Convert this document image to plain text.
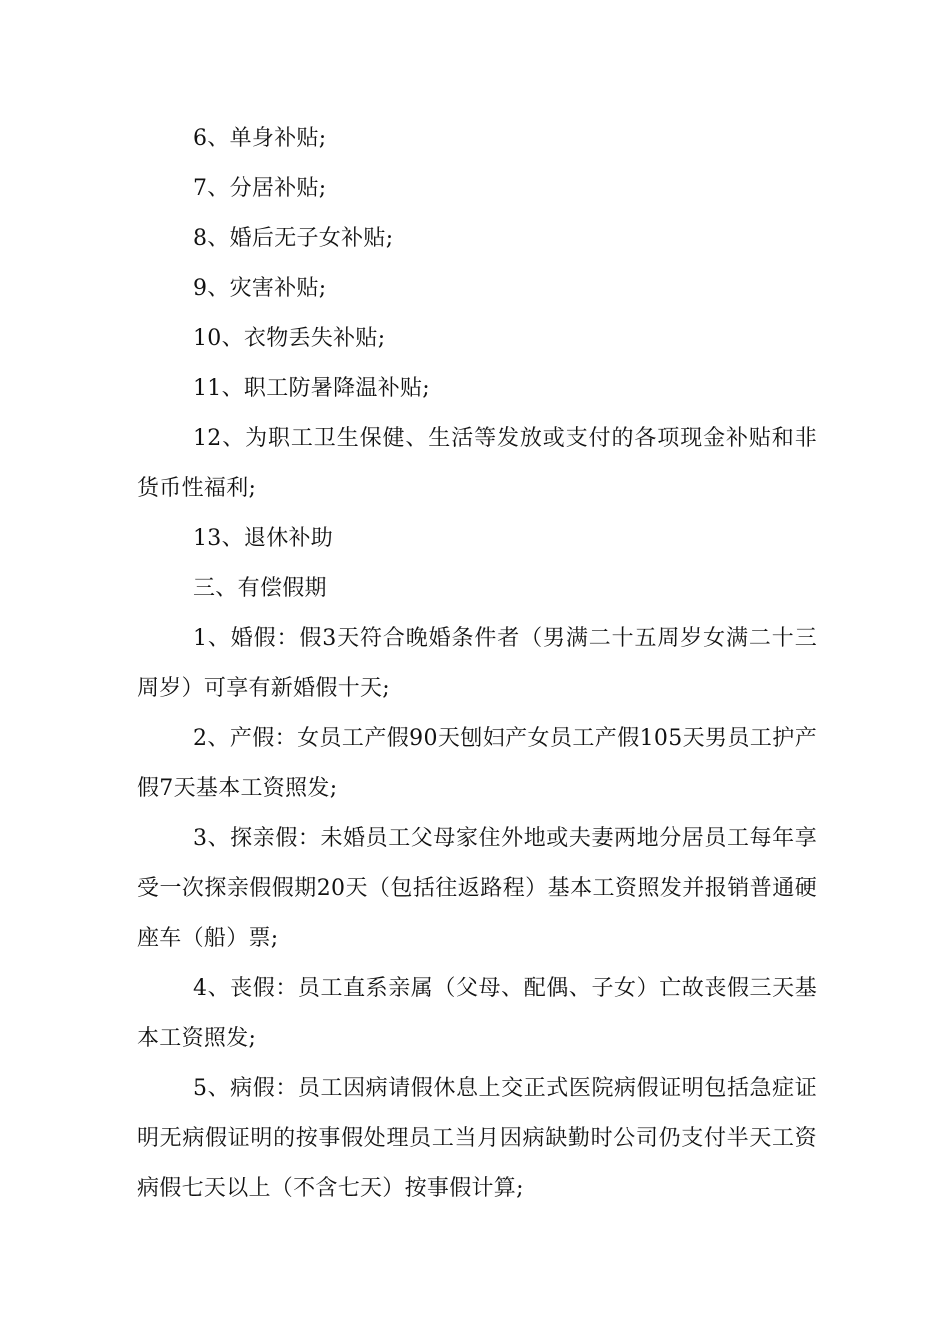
6、单身补贴;

7、分居补贴;

8、婚后无子女补贴;

9、灾害补贴;

10、衣物丢失补贴;

11、职工防暑降温补贴;

12、为职工卫生保健、生活等发放或支付的各项现金补贴和非货币性福利;

13、退休补助

三、有偿假期

1、婚假：假3天符合晚婚条件者（男满二十五周岁女满二十三周岁）可享有新婚假十天;

2、产假：女员工产假90天刨妇产女员工产假105天男员工护产假7天基本工资照发;

3、探亲假：未婚员工父母家住外地或夫妻两地分居员工每年享受一次探亲假假期20天（包括往返路程）基本工资照发并报销普通硬座车（船）票;

4、丧假：员工直系亲属（父母、配偶、子女）亡故丧假三天基本工资照发;

5、病假：员工因病请假休息上交正式医院病假证明包括急症证明无病假证明的按事假处理员工当月因病缺勤时公司仍支付半天工资病假七天以上（不含七天）按事假计算;
